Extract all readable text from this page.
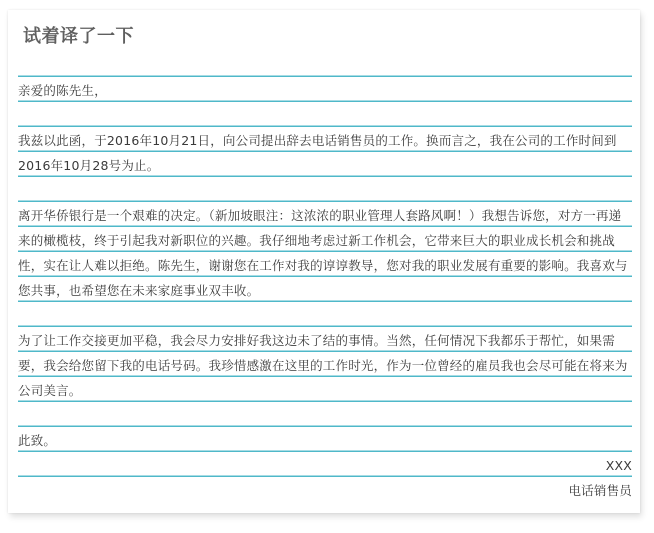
试着译了一下

亲爱的陈先生，

我兹以此函，于2016年10月21日，向公司提出辞去电话销售员的工作。换而言之，我在公司的工作时间到2016年10月28号为止。

离开华侨银行是一个艰难的决定。（新加坡眼注：这浓浓的职业管理人套路风啊！）我想告诉您，对方一再递来的橄榄枝，终于引起我对新职位的兴趣。我仔细地考虑过新工作机会，它带来巨大的职业成长机会和挑战性，实在让人难以拒绝。陈先生，谢谢您在工作对我的谆谆教导，您对我的职业发展有重要的影响。我喜欢与您共事，也希望您在未来家庭事业双丰收。

为了让工作交接更加平稳，我会尽力安排好我这边未了结的事情。当然，任何情况下我都乐于帮忙，如果需要，我会给您留下我的电话号码。我珍惜感激在这里的工作时光，作为一位曾经的雇员我也会尽可能在将来为公司美言。

此致。

XXX

电话销售员
